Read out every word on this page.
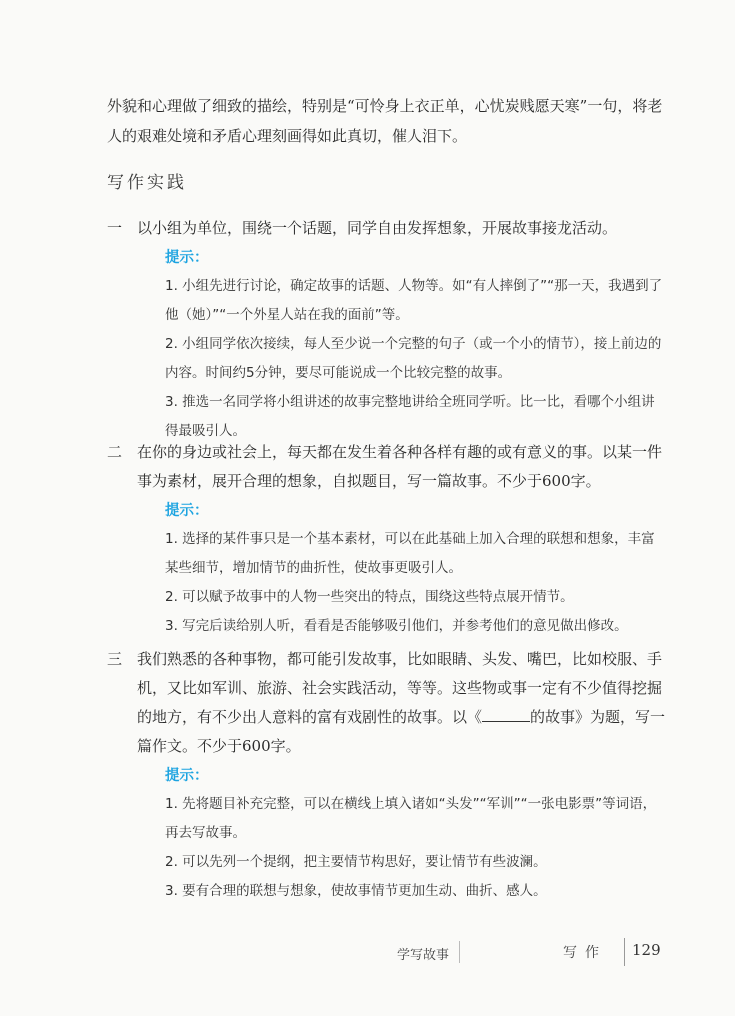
外貌和心理做了细致的描绘，特别是“可怜身上衣正单，心忧炭贱愿天寒”一句，将老人的艰难处境和矛盾心理刻画得如此真切，催人泪下。
写作实践
一 以小组为单位，围绕一个话题，同学自由发挥想象，开展故事接龙活动。
提示：
1. 小组先进行讨论，确定故事的话题、人物等。如“有人摔倒了”“那一天，我遇到了他（她）”“一个外星人站在我的面前”等。
2. 小组同学依次接续，每人至少说一个完整的句子（或一个小的情节），接上前边的内容。时间约5分钟，要尽可能说成一个比较完整的故事。
3. 推选一名同学将小组讲述的故事完整地讲给全班同学听。比一比，看哪个小组讲得最吸引人。
二 在你的身边或社会上，每天都在发生着各种各样有趣的或有意义的事。以某一件事为素材，展开合理的想象，自拟题目，写一篇故事。不少于600字。
提示：
1. 选择的某件事只是一个基本素材，可以在此基础上加入合理的联想和想象，丰富某些细节，增加情节的曲折性，使故事更吸引人。
2. 可以赋予故事中的人物一些突出的特点，围绕这些特点展开情节。
3. 写完后读给别人听，看看是否能够吸引他们，并参考他们的意见做出修改。
三 我们熟悉的各种事物，都可能引发故事，比如眼睛、头发、嘴巴，比如校服、手机，又比如军训、旅游、社会实践活动，等等。这些物或事一定有不少值得挖掘的地方，有不少出人意料的富有戏剧性的故事。以《	的故事》为题，写一篇作文。不少于600字。
提示：
1. 先将题目补充完整，可以在横线上填入诸如“头发”“军训”“一张电影票”等词语，再去写故事。
2. 可以先列一个提纲，把主要情节构思好，要让情节有些波澜。
3. 要有合理的联想与想象，使故事情节更加生动、曲折、感人。
学写故事	写作 129
